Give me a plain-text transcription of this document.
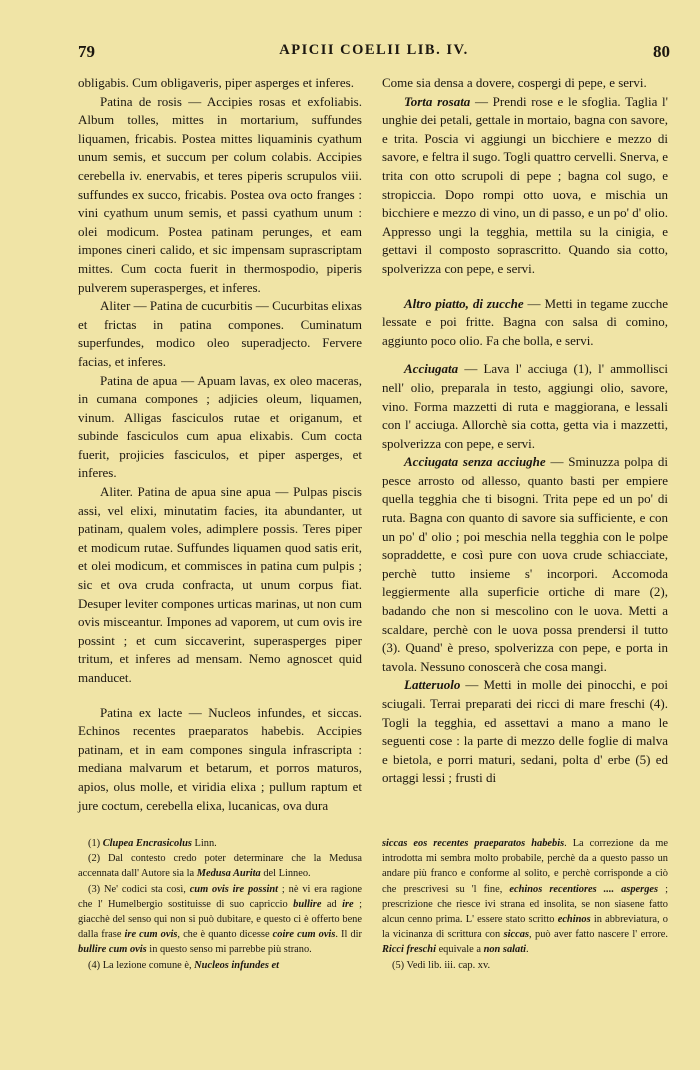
79	APICII COELII LIB. IV.	80

obligabis. Cum obligaveris, piper asperges et inferes.

Patina de rosis — Accipies rosas et exfoliabis. Album tolles, mittes in mortarium, suffundes liquamen, fricabis. Postea mittes liquaminis cyathum unum semis, et succum per colum colabis. Accipies cerebella iv. enervabis, et teres piperis scrupulos viii. suffundes ex succo, fricabis. Postea ova octo franges : vini cyathum unum semis, et passi cyathum unum : olei modicum. Postea patinam perunges, et eam impones cineri calido, et sic impensam suprascriptam mittes. Cum cocta fuerit in thermospodio, piperis pulverem superasperges, et inferes.

Aliter — Patina de cucurbitis — Cucurbitas elixas et frictas in patina compones. Cuminatum superfundes, modico oleo superadjecto. Fervere facias, et inferes.

Patina de apua — Apuam lavas, ex oleo maceras, in cumana compones ; adjicies oleum, liquamen, vinum. Alligas fasciculos rutae et origanum, et subinde fasciculos cum apua elixabis. Cum cocta fuerit, projicies fasciculos, et piper asperges, et inferes.

Aliter. Patina de apua sine apua — Pulpas piscis assi, vel elixi, minutatim facies, ita abundanter, ut patinam, qualem voles, adimplere possis. Teres piper et modicum rutae. Suffundes liquamen quod satis erit, et olei modicum, et commisces in patina cum pulpis ; sic et ova cruda confracta, ut unum corpus fiat. Desuper leviter compones urticas marinas, ut non cum ovis misceantur. Impones ad vaporem, ut cum ovis ire possint ; et cum siccaverint, superasperges piper tritum, et inferes ad mensam. Nemo agnoscet quid manducet.

Patina ex lacte — Nucleos infundes, et siccas. Echinos recentes praeparatos habebis. Accipies patinam, et in eam compones singula infrascripta : mediana malvarum et betarum, et porros maturos, apios, olus molle, et viridia elixa ; pullum raptum et jure coctum, cerebella elixa, lucanicas, ova dura

Come sia densa a dovere, cospergi di pepe, e servi.

Torta rosata — Prendi rose e le sfoglia. Taglia l' unghie dei petali, gettale in mortaio, bagna con savore, e trita. Poscia vi aggiungi un bicchiere e mezzo di savore, e feltra il sugo. Togli quattro cervelli. Snerva, e trita con otto scrupoli di pepe ; bagna col sugo, e stropiccia. Dopo rompi otto uova, e mischia un bicchiere e mezzo di vino, un di passo, e un po' d' olio. Appresso ungi la tegghia, mettila su la cinigia, e gettavi il composto soprascritto. Quando sia cotto, spolverizza con pepe, e servi.

Altro piatto, di zucche — Metti in tegame zucche lessate e poi fritte. Bagna con salsa di comino, aggiunto poco olio. Fa che bolla, e servi.

Acciugata — Lava l' acciuga (1), l' ammollisci nell' olio, preparala in testo, aggiungi olio, savore, vino. Forma mazzetti di ruta e maggiorana, e lessali con l' acciuga. Allorchè sia cotta, getta via i mazzetti, spolverizza con pepe, e servi.

Acciugata senza acciughe — Sminuzza polpa di pesce arrosto od allesso, quanto basti per empiere quella tegghia che ti bisogni. Trita pepe ed un po' di ruta. Bagna con quanto di savore sia sufficiente, e con un po' d' olio ; poi meschia nella tegghia con le polpe sopraddette, e così pure con uova crude schiacciate, perchè tutto insieme s' incorpori. Accomoda leggiermente alla superficie ortiche di mare (2), badando che non si mescolino con le uova. Metti a scaldare, perchè con le uova possa prendersi il tutto (3). Quand' è preso, spolverizza con pepe, e porta in tavola. Nessuno conoscerà che cosa mangi.

Latteruolo — Metti in molle dei pinocchi, e poi sciugali. Terrai preparati dei ricci di mare freschi (4). Togli la tegghia, ed assettavi a mano a mano le seguenti cose : la parte di mezzo delle foglie di malva e bietola, e porri maturi, sedani, polta d' erbe (5) ed ortaggi lessi ; frusti di

(1) Clupea Encrasicolus Linn.

(2) Dal contesto credo poter determinare che la Medusa accennata dall' Autore sia la Medusa Aurita del Linneo.

(3) Ne' codici sta così, cum ovis ire possint ; nè vi era ragione che l' Humelbergio sostituisse di suo capriccio bullire ad ire ; giacchè del senso qui non si può dubitare, e questo ci è offerto bene dalla frase ire cum ovis, che è quanto dicesse coire cum ovis. Il dir bullire cum ovis in questo senso mi parrebbe più strano.

(4) La lezione comune è, Nucleos infundes et

siccas eos recentes praeparatos habebis. La correzione da me introdotta mi sembra molto probabile, perchè da a questo passo un andare più franco e conforme al solito, e perchè corrisponde a ciò che prescrivesi su 'l fine, echinos recentiores .... asperges ; prescrizione che riesce ivi strana ed insolita, se non siasene fatto alcun cenno prima. L' essere stato scritto echinos in abbreviatura, o la vicinanza di scrittura con siccas, può aver fatto nascere l' errore. Ricci freschi equivale a non salati.

(5) Vedi lib. iii. cap. xv.
